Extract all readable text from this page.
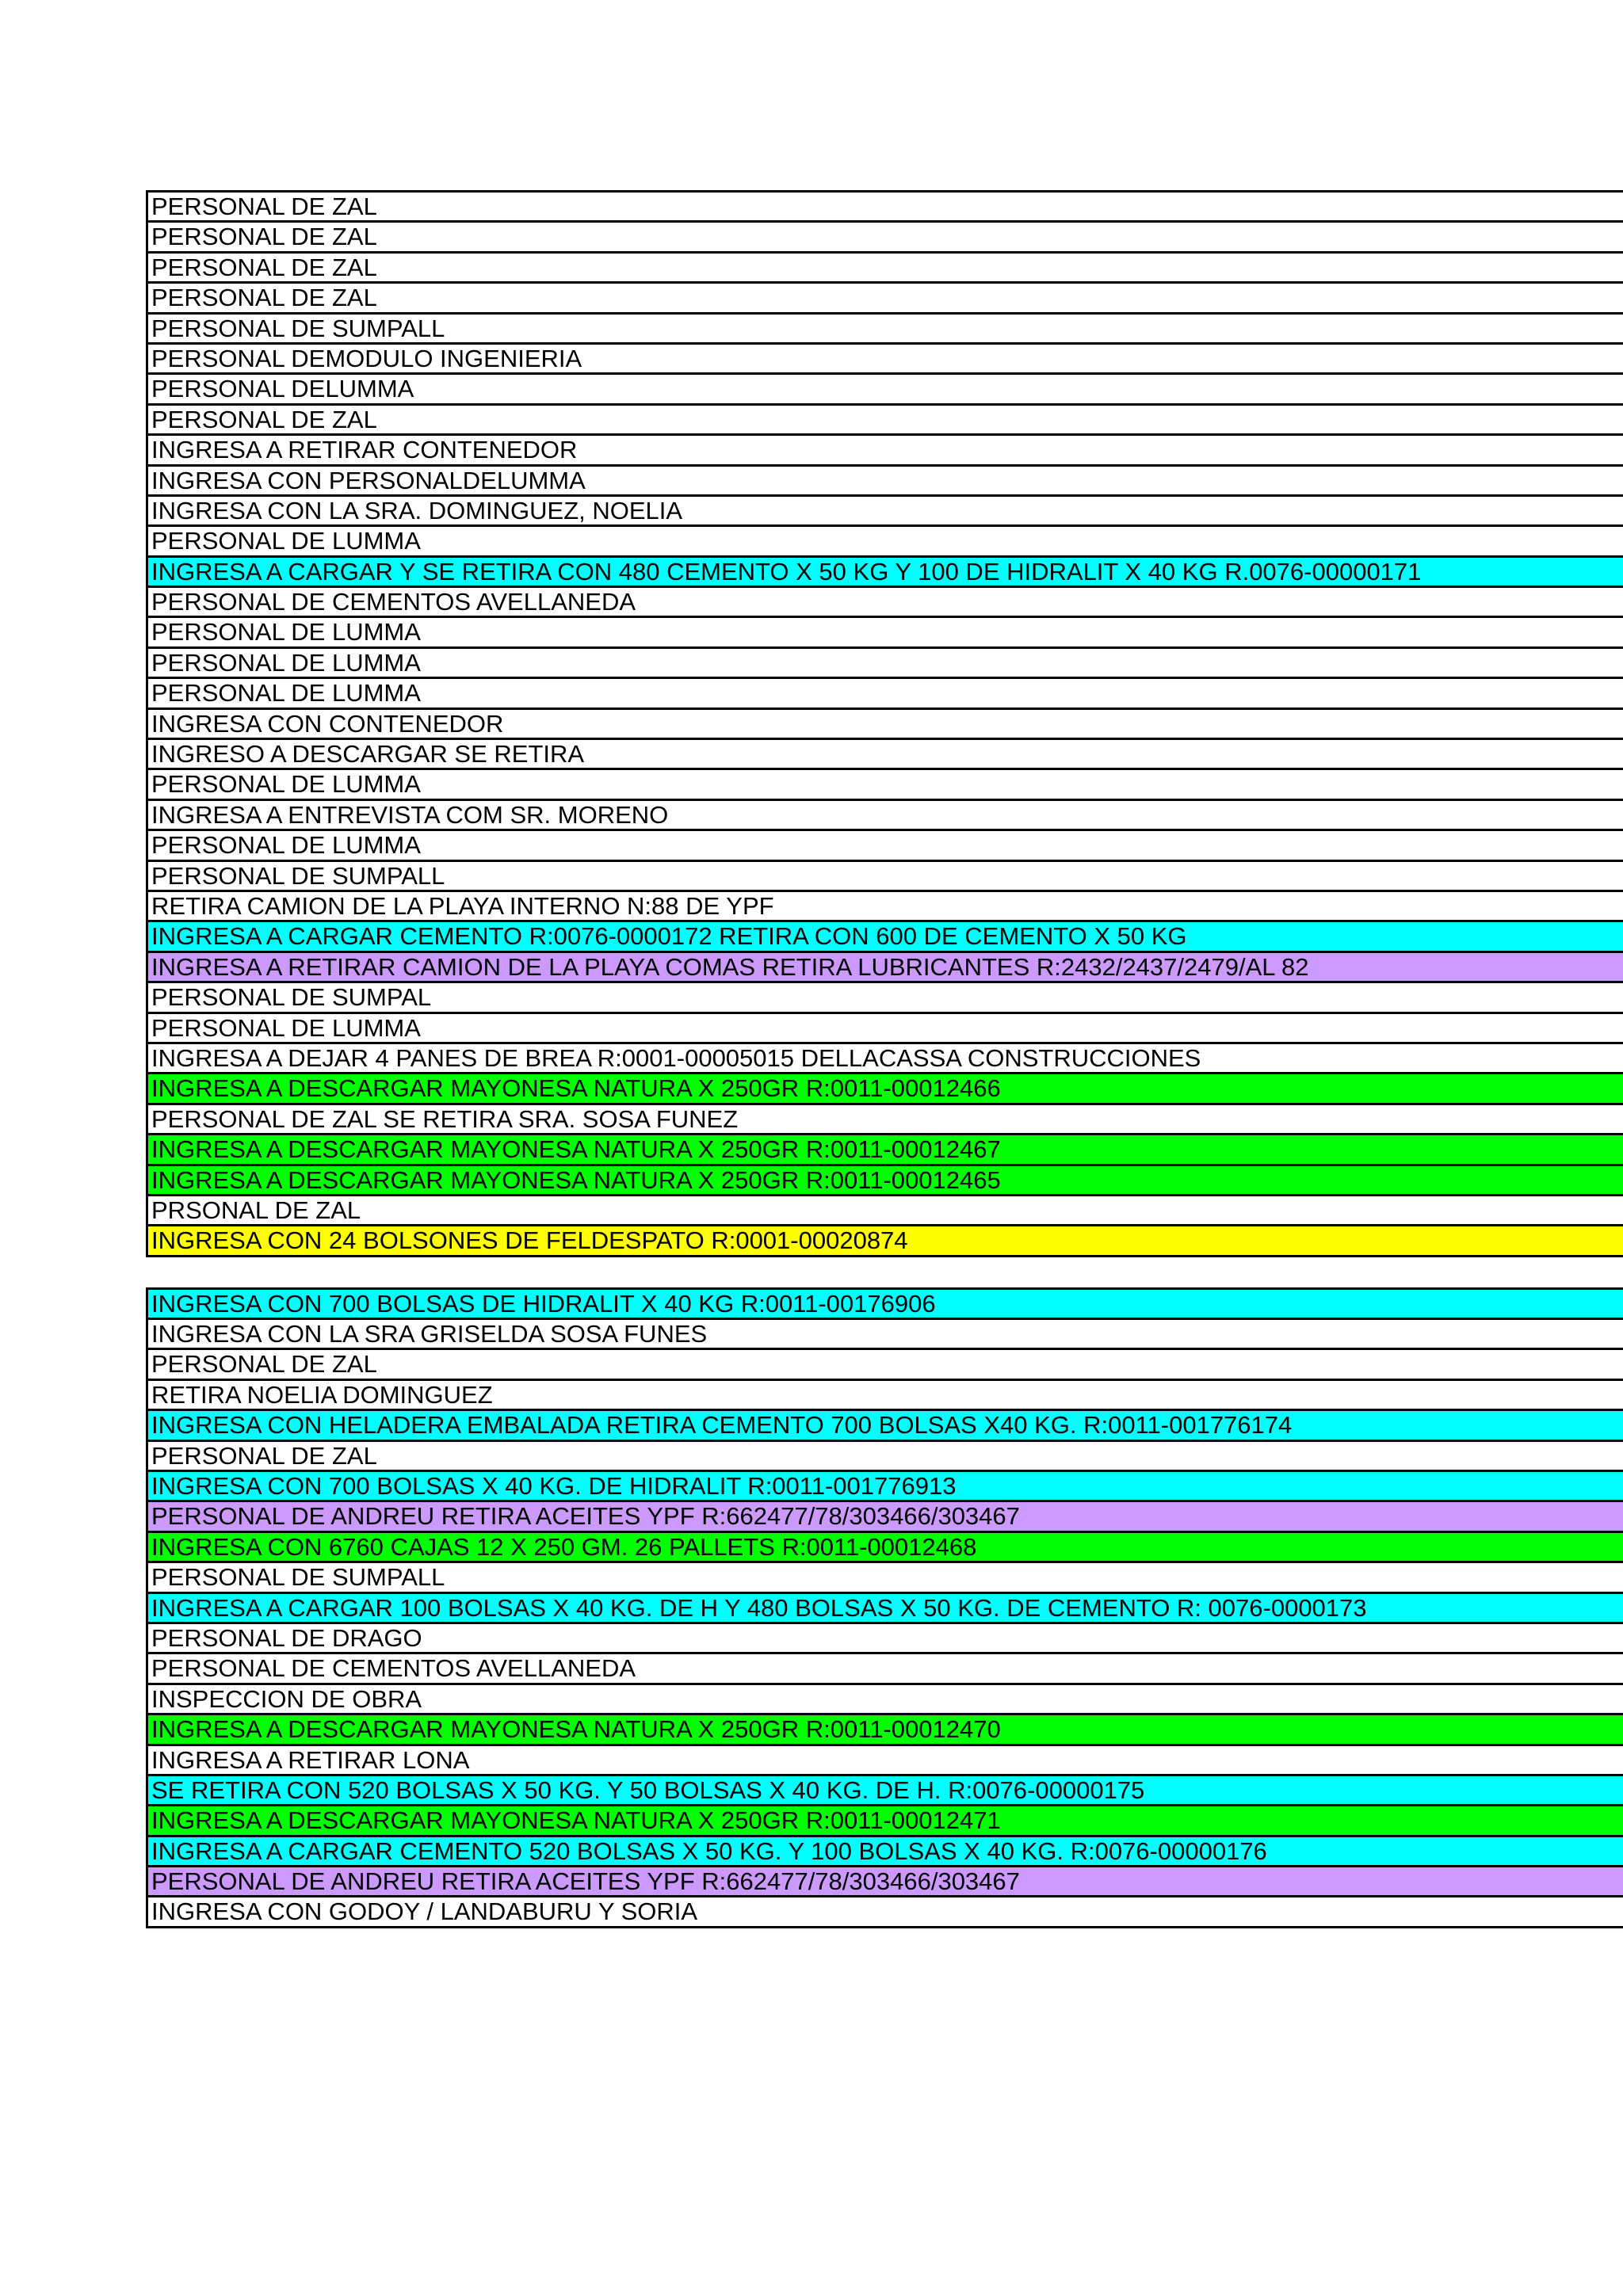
PERSONAL DE ZAL
PERSONAL DE ZAL
PERSONAL DE ZAL
PERSONAL DE ZAL
PERSONAL DE SUMPALL
PERSONAL DEMODULO INGENIERIA
PERSONAL DELUMMA
PERSONAL DE ZAL
INGRESA A RETIRAR CONTENEDOR
INGRESA CON PERSONALDELUMMA
INGRESA CON LA SRA. DOMINGUEZ, NOELIA
PERSONAL DE LUMMA
INGRESA A CARGAR Y SE RETIRA CON 480 CEMENTO X 50 KG Y 100 DE HIDRALIT X 40 KG R.0076-00000171
PERSONAL DE CEMENTOS AVELLANEDA
PERSONAL DE LUMMA
PERSONAL DE LUMMA
PERSONAL DE LUMMA
INGRESA CON CONTENEDOR
INGRESO A DESCARGAR SE RETIRA
PERSONAL DE LUMMA
INGRESA A ENTREVISTA COM SR. MORENO
PERSONAL DE LUMMA
PERSONAL DE SUMPALL
RETIRA CAMION DE LA PLAYA INTERNO N:88 DE YPF
INGRESA A CARGAR CEMENTO R:0076-0000172 RETIRA CON 600 DE CEMENTO X 50 KG
INGRESA A RETIRAR CAMION DE LA PLAYA COMAS RETIRA LUBRICANTES R:2432/2437/2479/AL 82
PERSONAL DE SUMPAL
PERSONAL DE LUMMA
INGRESA A DEJAR 4 PANES DE BREA R:0001-00005015 DELLACASSA CONSTRUCCIONES
INGRESA A DESCARGAR MAYONESA NATURA X 250GR R:0011-00012466
PERSONAL DE ZAL SE RETIRA SRA. SOSA FUNEZ
INGRESA A DESCARGAR MAYONESA NATURA X 250GR R:0011-00012467
INGRESA A DESCARGAR MAYONESA NATURA X 250GR R:0011-00012465
PRSONAL DE ZAL
INGRESA CON 24 BOLSONES DE FELDESPATO R:0001-00020874
INGRESA CON 700 BOLSAS DE HIDRALIT X 40 KG R:0011-00176906
INGRESA CON LA SRA GRISELDA SOSA FUNES
PERSONAL DE ZAL
RETIRA NOELIA DOMINGUEZ
INGRESA CON HELADERA EMBALADA RETIRA CEMENTO 700 BOLSAS X40 KG. R:0011-001776174
PERSONAL DE ZAL
INGRESA CON 700 BOLSAS X 40 KG. DE HIDRALIT R:0011-001776913
PERSONAL DE ANDREU RETIRA ACEITES YPF R:662477/78/303466/303467
INGRESA CON 6760 CAJAS 12 X 250 GM. 26 PALLETS R:0011-00012468
PERSONAL DE SUMPALL
INGRESA A CARGAR 100 BOLSAS X 40 KG. DE H Y 480 BOLSAS X 50 KG. DE CEMENTO R: 0076-0000173
PERSONAL DE DRAGO
PERSONAL DE CEMENTOS AVELLANEDA
INSPECCION DE OBRA
INGRESA A DESCARGAR MAYONESA NATURA X 250GR R:0011-00012470
INGRESA A RETIRAR LONA
SE RETIRA CON 520 BOLSAS X 50 KG. Y 50 BOLSAS X 40 KG. DE H. R:0076-00000175
INGRESA A DESCARGAR MAYONESA NATURA X 250GR R:0011-00012471
INGRESA A CARGAR CEMENTO 520 BOLSAS X 50 KG. Y 100 BOLSAS X 40 KG. R:0076-00000176
PERSONAL DE ANDREU RETIRA ACEITES YPF R:662477/78/303466/303467
INGRESA CON GODOY / LANDABURU Y SORIA
